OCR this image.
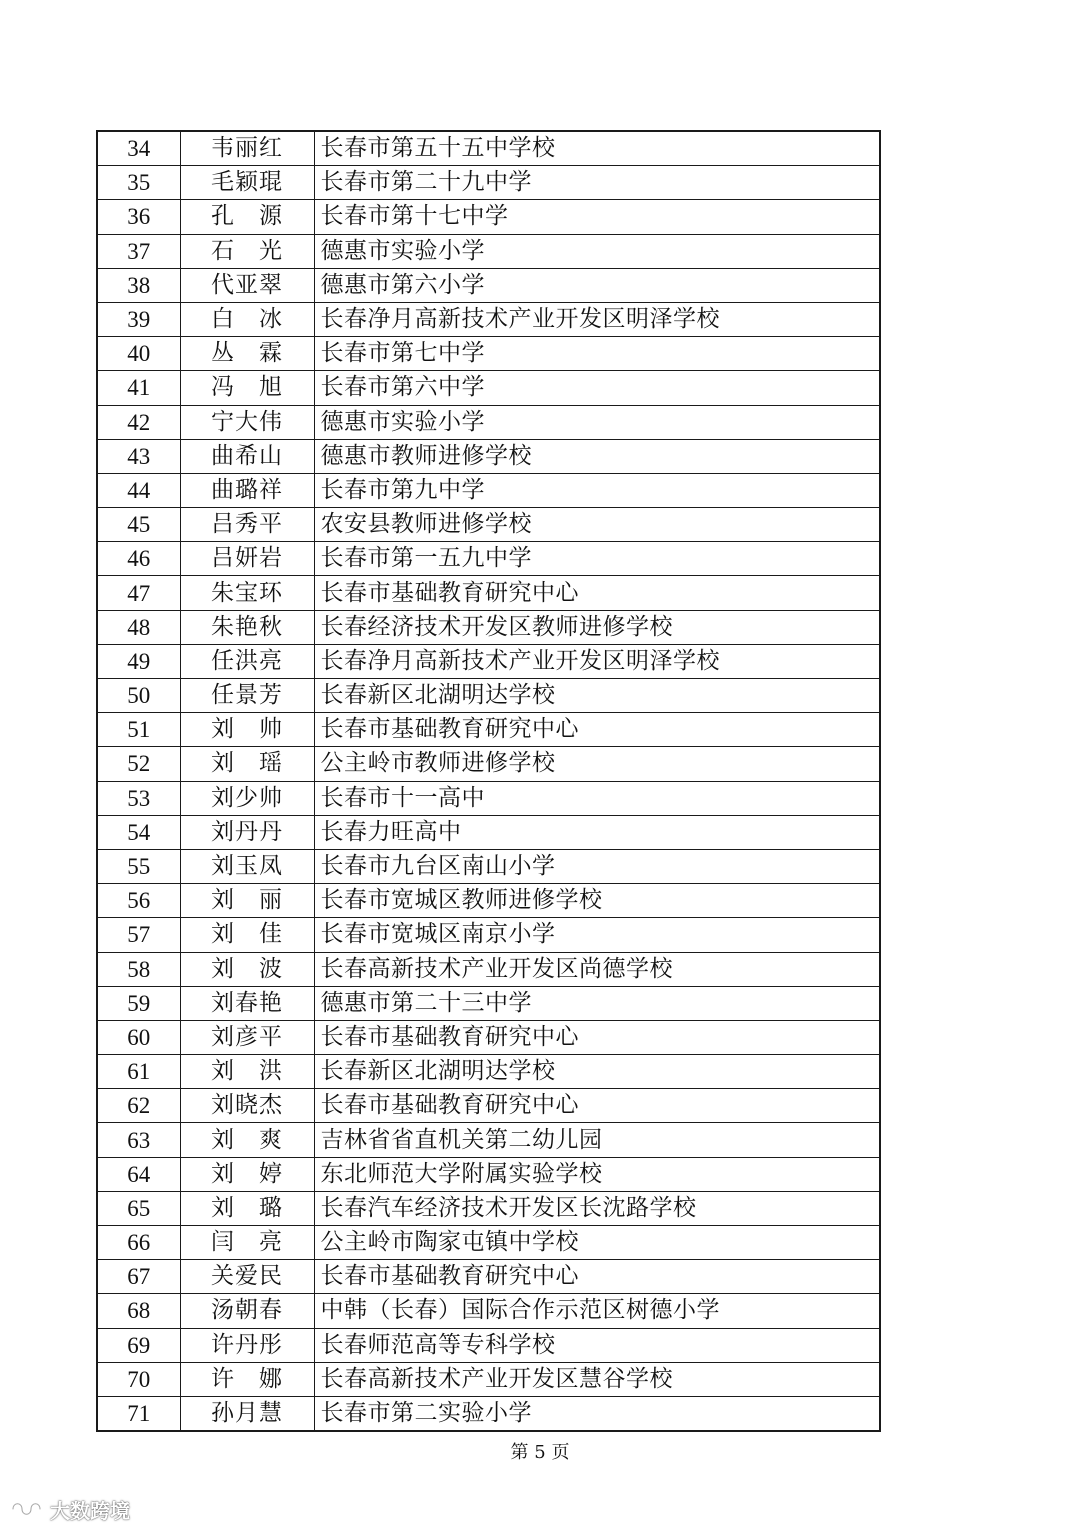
34	韦丽红	长春市第五十五中学校
35	毛颖琨	长春市第二十九中学
36	孔　源	长春市第十七中学
37	石　光	德惠市实验小学
38	代亚翠	德惠市第六小学
39	白　冰	长春净月高新技术产业开发区明泽学校
40	丛　霖	长春市第七中学
41	冯　旭	长春市第六中学
42	宁大伟	德惠市实验小学
43	曲希山	德惠市教师进修学校
44	曲璐祥	长春市第九中学
45	吕秀平	农安县教师进修学校
46	吕妍岩	长春市第一五九中学
47	朱宝环	长春市基础教育研究中心
48	朱艳秋	长春经济技术开发区教师进修学校
49	任洪亮	长春净月高新技术产业开发区明泽学校
50	任景芳	长春新区北湖明达学校
51	刘　帅	长春市基础教育研究中心
52	刘　瑶	公主岭市教师进修学校
53	刘少帅	长春市十一高中
54	刘丹丹	长春力旺高中
55	刘玉凤	长春市九台区南山小学
56	刘　丽	长春市宽城区教师进修学校
57	刘　佳	长春市宽城区南京小学
58	刘　波	长春高新技术产业开发区尚德学校
59	刘春艳	德惠市第二十三中学
60	刘彦平	长春市基础教育研究中心
61	刘　洪	长春新区北湖明达学校
62	刘晓杰	长春市基础教育研究中心
63	刘　爽	吉林省省直机关第二幼儿园
64	刘　婷	东北师范大学附属实验学校
65	刘　璐	长春汽车经济技术开发区长沈路学校
66	闫　亮	公主岭市陶家屯镇中学校
67	关爱民	长春市基础教育研究中心
68	汤朝春	中韩（长春）国际合作示范区树德小学
69	许丹彤	长春师范高等专科学校
70	许　娜	长春高新技术产业开发区慧谷学校
71	孙月慧	长春市第二实验小学
第 5 页
大数跨境
